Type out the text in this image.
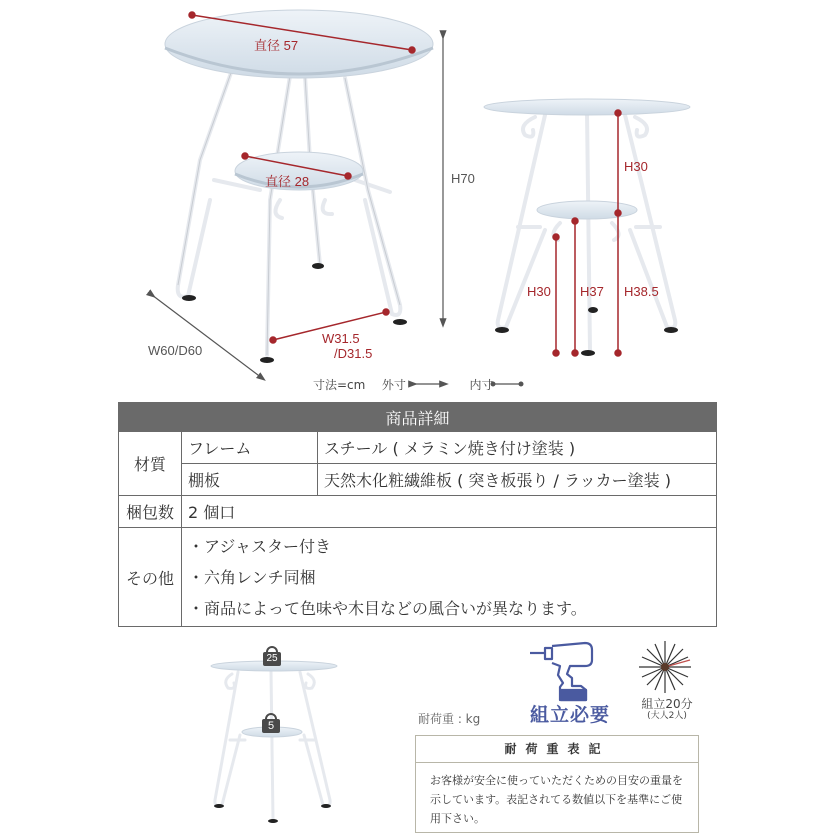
直径 57
直径 28	H70
W60/D60
W31.5
/D31.5
H30
H30 H37 H38.5
寸法=cm 外寸	内寸
商品詳細		
材質	フレーム	スチール ( メラミン焼き付け塗装 )
	棚板	天然木化粧繊維板 ( 突き板張り / ラッカー塗装 )
梱包数	2 個口	
その他	
・アジャスター付き
・六角レンチ同梱
・商品によって色味や木目などの風合いが異なります。
25
5	耐荷重 : kg	組立必要	組立20分
(大人2人)
耐荷重表記
お客様が安全に使っていただくための目安の重量を示しています。表記されてる数値以下を基準にご使用下さい。
